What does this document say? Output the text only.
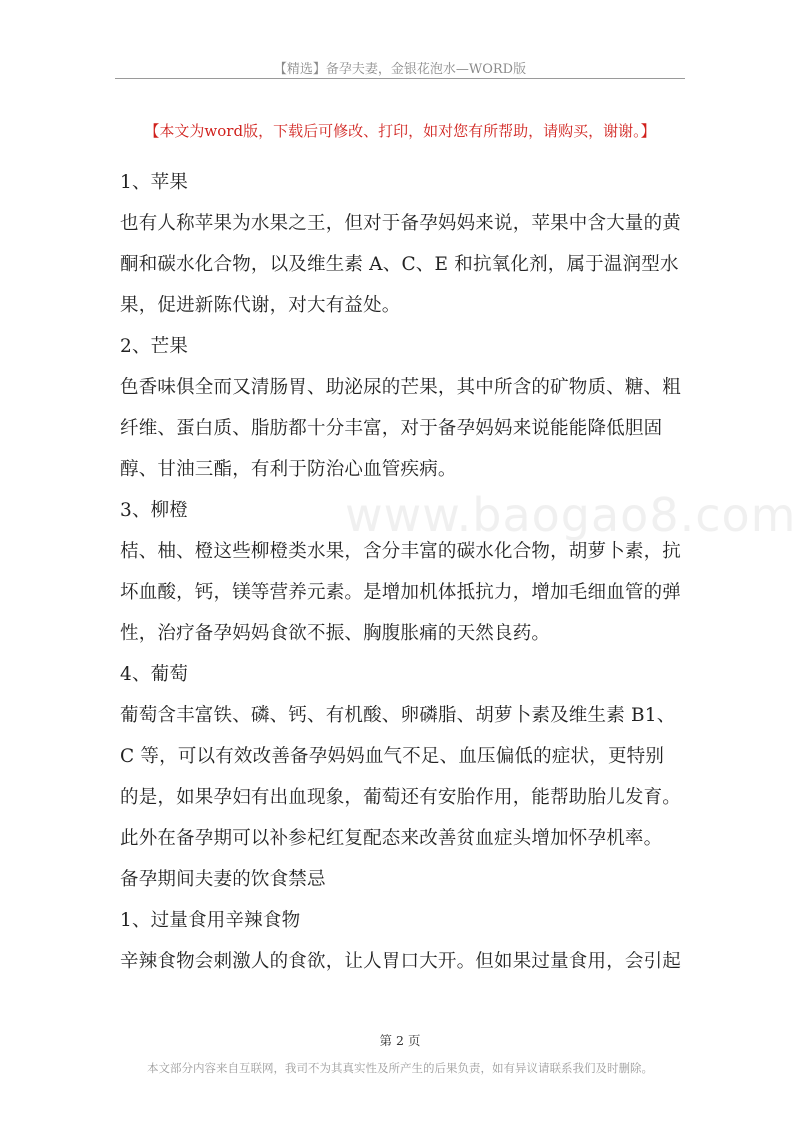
【精选】备孕夫妻，金银花泡水—WORD版
【本文为word版，下载后可修改、打印，如对您有所帮助，请购买，谢谢。】
www.baogao8.com

1、苹果

也有人称苹果为水果之王，但对于备孕妈妈来说，苹果中含大量的黄酮和碳水化合物，以及维生素 A、C、E 和抗氧化剂，属于温润型水果，促进新陈代谢，对大有益处。

2、芒果

色香味俱全而又清肠胃、助泌尿的芒果，其中所含的矿物质、糖、粗纤维、蛋白质、脂肪都十分丰富，对于备孕妈妈来说能能降低胆固醇、甘油三酯，有利于防治心血管疾病。

3、柳橙

桔、柚、橙这些柳橙类水果，含分丰富的碳水化合物，胡萝卜素，抗坏血酸，钙，镁等营养元素。是增加机体抵抗力，增加毛细血管的弹性，治疗备孕妈妈食欲不振、胸腹胀痛的天然良药。

4、葡萄

葡萄含丰富铁、磷、钙、有机酸、卵磷脂、胡萝卜素及维生素 B1、C 等，可以有效改善备孕妈妈血气不足、血压偏低的症状，更特别的是，如果孕妇有出血现象，葡萄还有安胎作用，能帮助胎儿发育。此外在备孕期可以补参杞红复配态来改善贫血症头增加怀孕机率。

备孕期间夫妻的饮食禁忌

1、过量食用辛辣食物

辛辣食物会刺激人的食欲，让人胃口大开。但如果过量食用，会引起

第 2 页
本文部分内容来自互联网，我司不为其真实性及所产生的后果负责，如有异议请联系我们及时删除。
